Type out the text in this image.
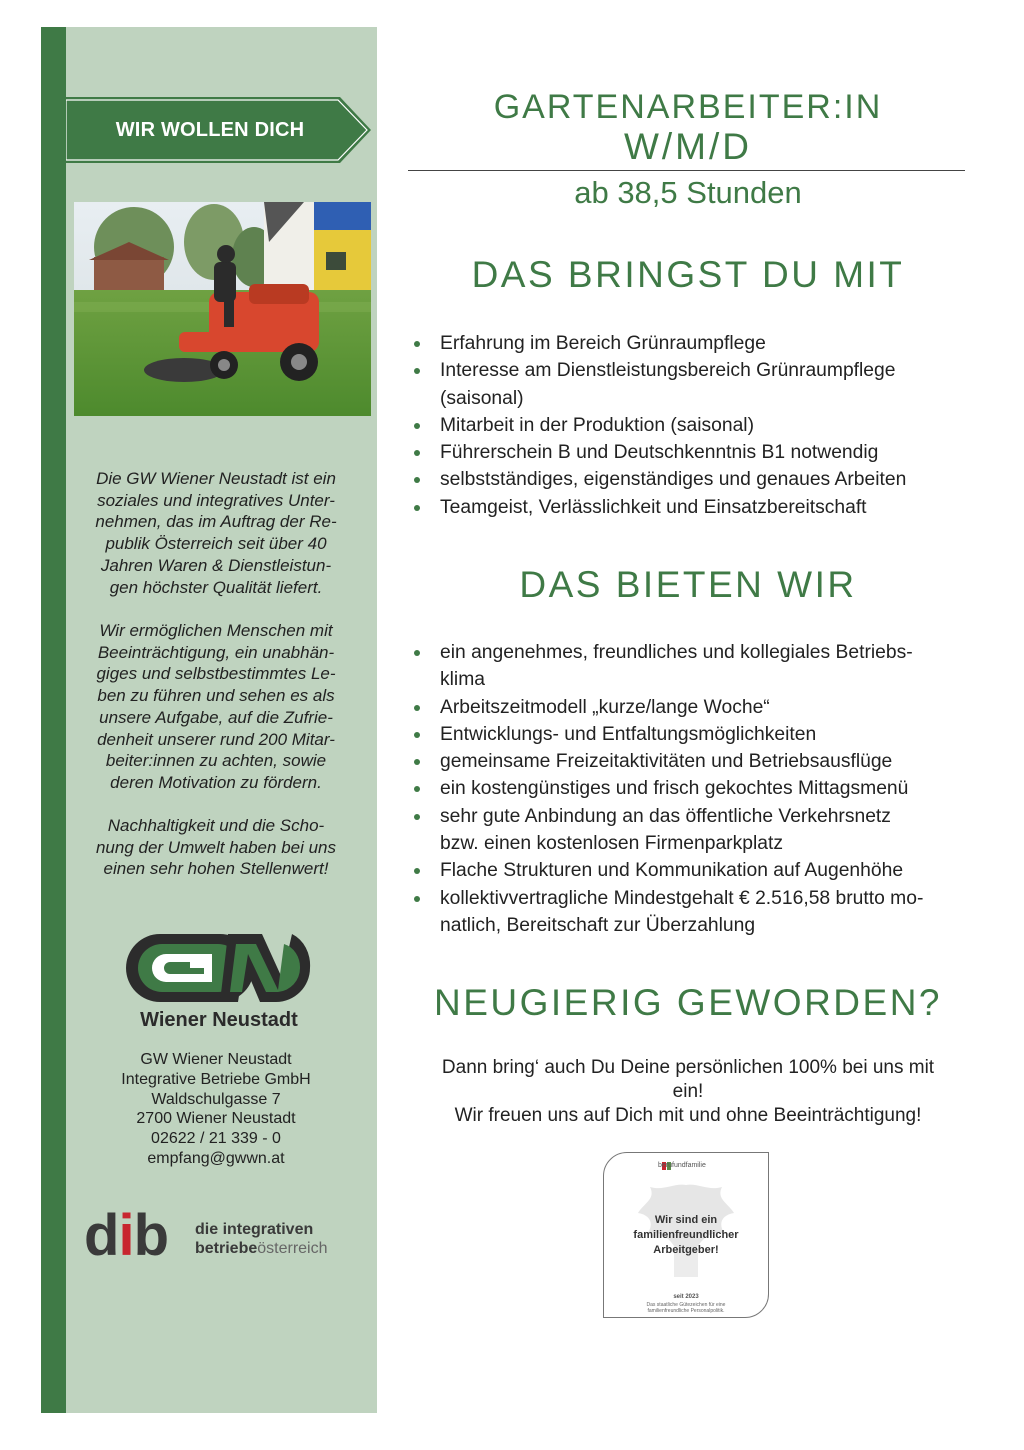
WIR WOLLEN DICH

Die GW Wiener Neustadt ist ein
soziales und integratives Unter-
nehmen, das im Auftrag der Re-
publik Österreich seit über 40
Jahren Waren & Dienstleistun-
gen höchster Qualität liefert.

Wir ermöglichen Menschen mit
Beeinträchtigung, ein unabhän-
giges und selbstbestimmtes Le-
ben zu führen und sehen es als
unsere Aufgabe, auf die Zufrie-
denheit unserer rund 200 Mitar-
beiter:innen zu achten, sowie
deren Motivation zu fördern.

Nachhaltigkeit und die Scho-
nung der Umwelt haben bei uns
einen sehr hohen Stellenwert!

Wiener Neustadt
GW Wiener Neustadt
Integrative Betriebe GmbH
Waldschulgasse 7
2700 Wiener Neustadt
02622 / 21 339 - 0
empfang@gwwn.at
dib die integrativen
betriebeösterreich
GARTENARBEITER:IN
W/M/D
ab 38,5 Stunden
DAS BRINGST DU MIT
Erfahrung im Bereich Grünraumpflege
Interesse am Dienstleistungsbereich Grünraumpflege
(saisonal)
Mitarbeit in der Produktion (saisonal)
Führerschein B und Deutschkenntnis B1 notwendig
selbstständiges, eigenständiges und genaues Arbeiten
Teamgeist, Verlässlichkeit und Einsatzbereitschaft
DAS BIETEN WIR
ein angenehmes, freundliches und kollegiales Betriebs-
klima
Arbeitszeitmodell „kurze/lange Woche“
Entwicklungs- und Entfaltungsmöglichkeiten
gemeinsame Freizeitaktivitäten und Betriebsausflüge
ein kostengünstiges und frisch gekochtes Mittagsmenü
sehr gute Anbindung an das öffentliche Verkehrsnetz
bzw. einen kostenlosen Firmenparkplatz
Flache Strukturen und Kommunikation auf Augenhöhe
kollektivvertragliche Mindestgehalt € 2.516,58 brutto mo-
natlich, Bereitschaft zur Überzahlung
NEUGIERIG GEWORDEN?
Dann bring‘ auch Du Deine persönlichen 100% bei uns mit
ein!
Wir freuen uns auf Dich mit und ohne Beeinträchtigung!
berufundfamilie
Wir sind ein
familienfreundlicher
Arbeitgeber!
seit 2023
Das staatliche Gütezeichen für eine
familienfreundliche Personalpolitik.
